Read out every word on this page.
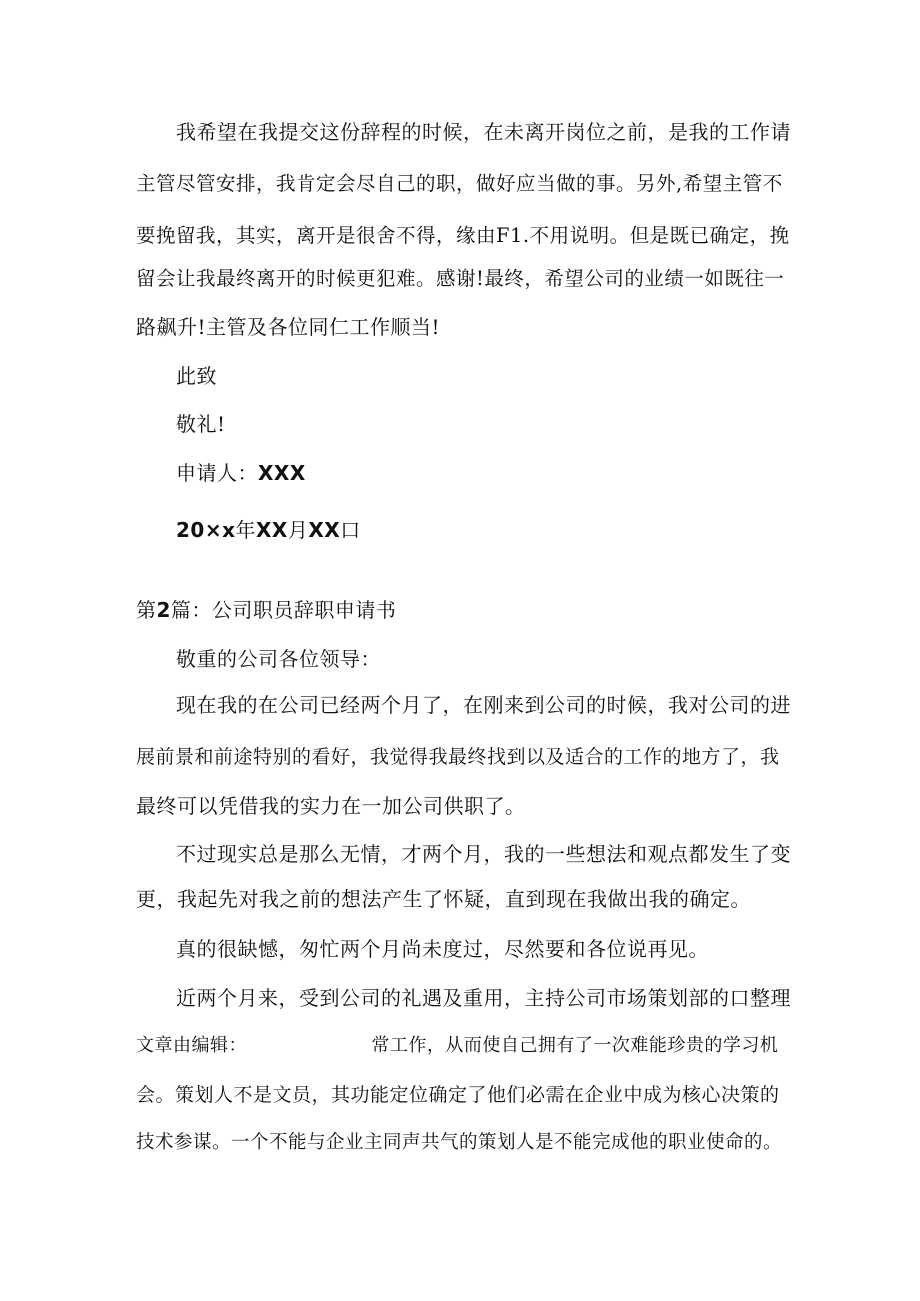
我希望在我提交这份辞程的时候，在未离开岗位之前，是我的工作请
主管尽管安排，我肯定会尽自己的职，做好应当做的事。另外,希望主管不
要挽留我，其实，离开是很舍不得，缘由F1.不用说明。但是既已确定，挽
留会让我最终离开的时候更犯难。感谢!最终，希望公司的业绩一如既往一
路飙升!主管及各位同仁工作顺当!
此致
敬礼!
申请人：XXX
20×x年XX月XX口
第2篇：公司职员辞职申请书
敬重的公司各位领导：
现在我的在公司已经两个月了，在刚来到公司的时候，我对公司的进
展前景和前途特别的看好，我觉得我最终找到以及适合的工作的地方了，我
最终可以凭借我的实力在一加公司供职了。
不过现实总是那么无情，才两个月，我的一些想法和观点都发生了变
更，我起先对我之前的想法产生了怀疑，直到现在我做出我的确定。
真的很缺憾，匆忙两个月尚未度过，尽然要和各位说再见。
近两个月来，受到公司的礼遇及重用，主持公司市场策划部的口整理
文章由编辑：                    常工作，从而使自己拥有了一次难能珍贵的学习机
会。策划人不是文员，其功能定位确定了他们必需在企业中成为核心决策的
技术参谋。一个不能与企业主同声共气的策划人是不能完成他的职业使命的。
